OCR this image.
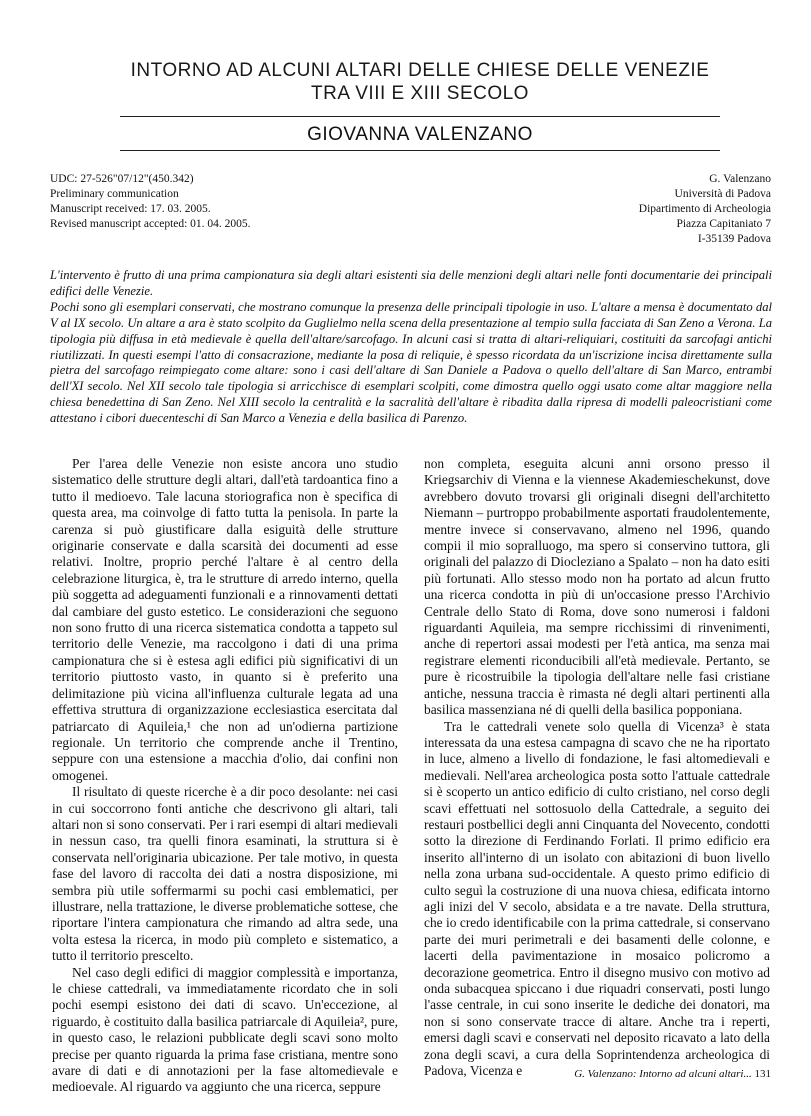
INTORNO AD ALCUNI ALTARI DELLE CHIESE DELLE VENEZIE
TRA VIII E XIII SECOLO
GIOVANNA VALENZANO
UDC: 27-526"07/12"(450.342)
Preliminary communication
Manuscript received: 17. 03. 2005.
Revised manuscript accepted: 01. 04. 2005.
G. Valenzano
Università di Padova
Dipartimento di Archeologia
Piazza Capitaniato 7
I-35139 Padova

L'intervento è frutto di una prima campionatura sia degli altari esistenti sia delle menzioni degli altari nelle fonti documentarie dei principali edifici delle Venezie.

Pochi sono gli esemplari conservati, che mostrano comunque la presenza delle principali tipologie in uso. L'altare a mensa è documentato dal V al IX secolo. Un altare a ara è stato scolpito da Guglielmo nella scena della presentazione al tempio sulla facciata di San Zeno a Verona. La tipologia più diffusa in età medievale è quella dell'altare/sarcofago. In alcuni casi si tratta di altari-reliquiari, costituiti da sarcofagi antichi riutilizzati. In questi esempi l'atto di consacrazione, mediante la posa di reliquie, è spesso ricordata da un'iscrizione incisa direttamente sulla pietra del sarcofago reimpiegato come altare: sono i casi dell'altare di San Daniele a Padova o quello dell'altare di San Marco, entrambi dell'XI secolo. Nel XII secolo tale tipologia si arricchisce di esemplari scolpiti, come dimostra quello oggi usato come altar maggiore nella chiesa benedettina di San Zeno. Nel XIII secolo la centralità e la sacralità dell'altare è ribadita dalla ripresa di modelli paleocristiani come attestano i cibori duecenteschi di San Marco a Venezia e della basilica di Parenzo.

Per l'area delle Venezie non esiste ancora uno studio sistematico delle strutture degli altari, dall'età tardoantica fino a tutto il medioevo. Tale lacuna storiografica non è specifica di questa area, ma coinvolge di fatto tutta la penisola. In parte la carenza si può giustificare dalla esiguità delle strutture originarie conservate e dalla scarsità dei documenti ad esse relativi. Inoltre, proprio perché l'altare è al centro della celebrazione liturgica, è, tra le strutture di arredo interno, quella più soggetta ad adeguamenti funzionali e a rinnovamenti dettati dal cambiare del gusto estetico. Le considerazioni che seguono non sono frutto di una ricerca sistematica condotta a tappeto sul territorio delle Venezie, ma raccolgono i dati di una prima campionatura che si è estesa agli edifici più significativi di un territorio piuttosto vasto, in quanto si è preferito una delimitazione più vicina all'influenza culturale legata ad una effettiva struttura di organizzazione ecclesiastica esercitata dal patriarcato di Aquileia,¹ che non ad un'odierna partizione regionale. Un territorio che comprende anche il Trentino, seppure con una estensione a macchia d'olio, dai confini non omogenei.

Il risultato di queste ricerche è a dir poco desolante: nei casi in cui soccorrono fonti antiche che descrivono gli altari, tali altari non si sono conservati. Per i rari esempi di altari medievali in nessun caso, tra quelli finora esaminati, la struttura si è conservata nell'originaria ubicazione. Per tale motivo, in questa fase del lavoro di raccolta dei dati a nostra disposizione, mi sembra più utile soffermarmi su pochi casi emblematici, per illustrare, nella trattazione, le diverse problematiche sottese, che riportare l'intera campionatura che rimando ad altra sede, una volta estesa la ricerca, in modo più completo e sistematico, a tutto il territorio prescelto.

Nel caso degli edifici di maggior complessità e importanza, le chiese cattedrali, va immediatamente ricordato che in soli pochi esempi esistono dei dati di scavo. Un'eccezione, al riguardo, è costituito dalla basilica patriarcale di Aquileia², pure, in questo caso, le relazioni pubblicate degli scavi sono molto precise per quanto riguarda la prima fase cristiana, mentre sono avare di dati e di annotazioni per la fase altomedievale e medioevale. Al riguardo va aggiunto che una ricerca, seppure

non completa, eseguita alcuni anni orsono presso il Kriegsarchiv di Vienna e la viennese Akademieschekunst, dove avrebbero dovuto trovarsi gli originali disegni dell'architetto Niemann – purtroppo probabilmente asportati fraudolentemente, mentre invece si conservavano, almeno nel 1996, quando compii il mio sopralluogo, ma spero si conservino tuttora, gli originali del palazzo di Diocleziano a Spalato – non ha dato esiti più fortunati. Allo stesso modo non ha portato ad alcun frutto una ricerca condotta in più di un'occasione presso l'Archivio Centrale dello Stato di Roma, dove sono numerosi i faldoni riguardanti Aquileia, ma sempre ricchissimi di rinvenimenti, anche di repertori assai modesti per l'età antica, ma senza mai registrare elementi riconducibili all'età medievale. Pertanto, se pure è ricostruibile la tipologia dell'altare nelle fasi cristiane antiche, nessuna traccia è rimasta né degli altari pertinenti alla basilica massenziana né di quelli della basilica popponiana.

Tra le cattedrali venete solo quella di Vicenza³ è stata interessata da una estesa campagna di scavo che ne ha riportato in luce, almeno a livello di fondazione, le fasi altomedievali e medievali. Nell'area archeologica posta sotto l'attuale cattedrale si è scoperto un antico edificio di culto cristiano, nel corso degli scavi effettuati nel sottosuolo della Cattedrale, a seguito dei restauri postbellici degli anni Cinquanta del Novecento, condotti sotto la direzione di Ferdinando Forlati. Il primo edificio era inserito all'interno di un isolato con abitazioni di buon livello nella zona urbana sud-occidentale. A questo primo edificio di culto seguì la costruzione di una nuova chiesa, edificata intorno agli inizi del V secolo, absidata e a tre navate. Della struttura, che io credo identificabile con la prima cattedrale, si conservano parte dei muri perimetrali e dei basamenti delle colonne, e lacerti della pavimentazione in mosaico policromo a decorazione geometrica. Entro il disegno musivo con motivo ad onda subacquea spiccano i due riquadri conservati, posti lungo l'asse centrale, in cui sono inserite le dediche dei donatori, ma non si sono conservate tracce di altare. Anche tra i reperti, emersi dagli scavi e conservati nel deposito ricavato a lato della zona degli scavi, a cura della Soprintendenza archeologica di Padova, Vicenza e	G. Valenzano: Intorno ad alcuni altari... 131
